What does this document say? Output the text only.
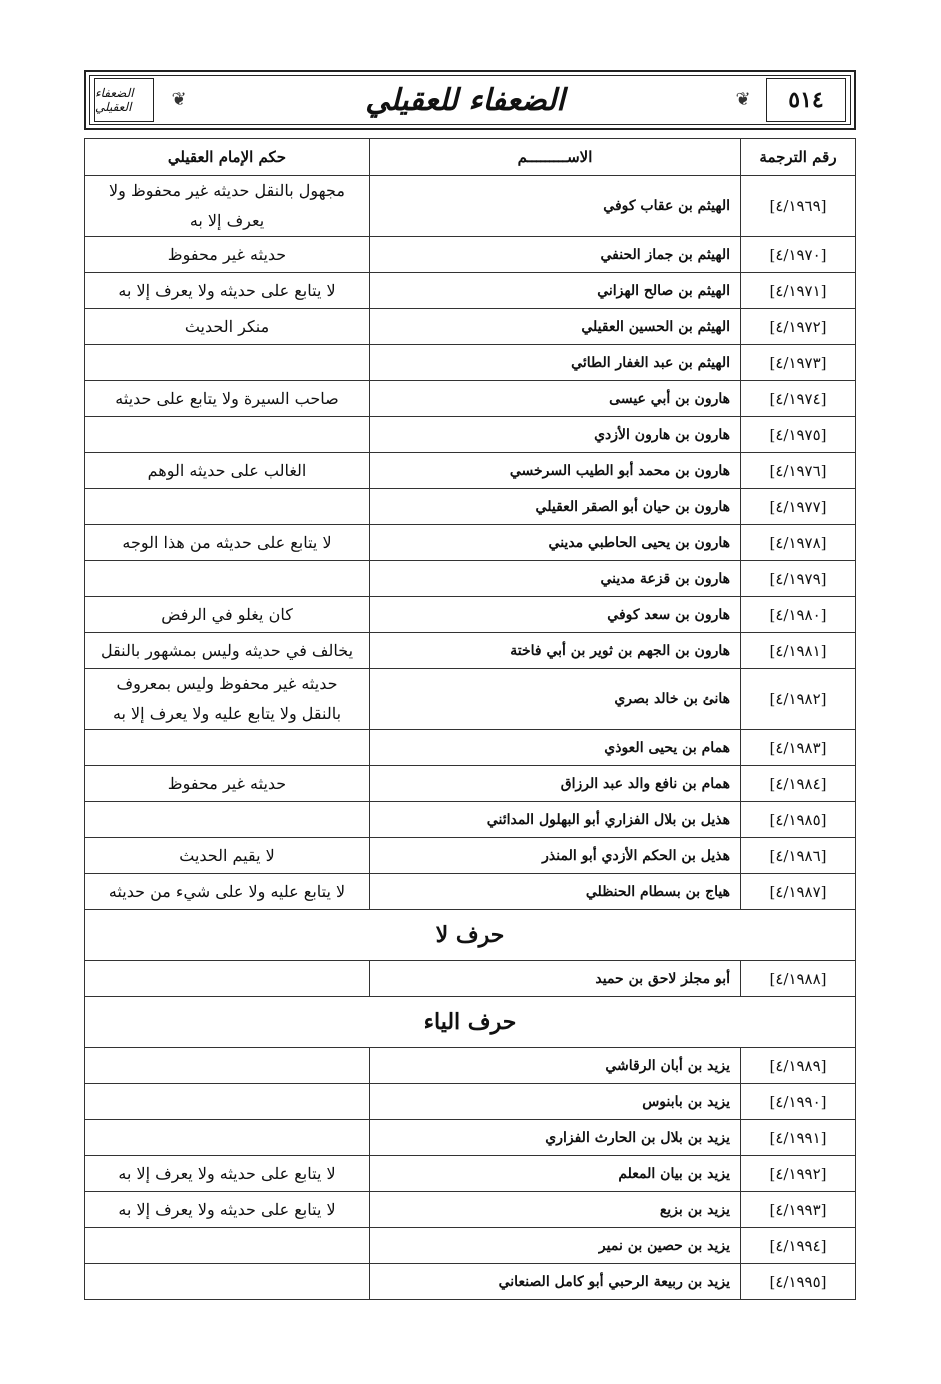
الضعفاء العقيلي	❦	الضعفاء للعقيلي	❦	٥١٤
رقم الترجمة	الاســـــــــم	حكم الإمام العقيلي
[٤/١٩٦٩]	الهيثم بن عقاب كوفي	مجهول بالنقل حديثه غير محفوظ ولا يعرف إلا به
[٤/١٩٧٠]	الهيثم بن جماز الحنفي	حديثه غير محفوظ
[٤/١٩٧١]	الهيثم بن صالح الهزاني	لا يتابع على حديثه ولا يعرف إلا به
[٤/١٩٧٢]	الهيثم بن الحسين العقيلي	منكر الحديث
[٤/١٩٧٣]	الهيثم بن عبد الغفار الطائي	
[٤/١٩٧٤]	هارون بن أبي عيسى	صاحب السيرة ولا يتابع على حديثه
[٤/١٩٧٥]	هارون بن هارون الأزدي	
[٤/١٩٧٦]	هارون بن محمد أبو الطيب السرخسي	الغالب على حديثه الوهم
[٤/١٩٧٧]	هارون بن حيان أبو الصقر العقيلي	
[٤/١٩٧٨]	هارون بن يحيى الحاطبي مديني	لا يتابع على حديثه من هذا الوجه
[٤/١٩٧٩]	هارون بن قزعة مديني	
[٤/١٩٨٠]	هارون بن سعد كوفي	كان يغلو في الرفض
[٤/١٩٨١]	هارون بن الجهم بن ثوير بن أبي فاختة	يخالف في حديثه وليس بمشهور بالنقل
[٤/١٩٨٢]	هانئ بن خالد بصري	حديثه غير محفوظ وليس بمعروف بالنقل ولا يتابع عليه ولا يعرف إلا به
[٤/١٩٨٣]	همام بن يحيى العوذي	
[٤/١٩٨٤]	همام بن نافع والد عبد الرزاق	حديثه غير محفوظ
[٤/١٩٨٥]	هذيل بن بلال الفزاري أبو البهلول المدائني	
[٤/١٩٨٦]	هذيل بن الحكم الأزدي أبو المنذر	لا يقيم الحديث
[٤/١٩٨٧]	هياج بن بسطام الحنظلي	لا يتابع عليه ولا على شيء من حديثه
حرف لا		
[٤/١٩٨٨]	أبو مجلز لاحق بن حميد	
حرف الياء		
[٤/١٩٨٩]	يزيد بن أبان الرقاشي	
[٤/١٩٩٠]	يزيد بن بابنوس	
[٤/١٩٩١]	يزيد بن بلال بن الحارث الفزاري	
[٤/١٩٩٢]	يزيد بن بيان المعلم	لا يتابع على حديثه ولا يعرف إلا به
[٤/١٩٩٣]	يزيد بن بزيع	لا يتابع على حديثه ولا يعرف إلا به
[٤/١٩٩٤]	يزيد بن حصين بن نمير	
[٤/١٩٩٥]	يزيد بن ربيعة الرحبي أبو كامل الصنعاني	
